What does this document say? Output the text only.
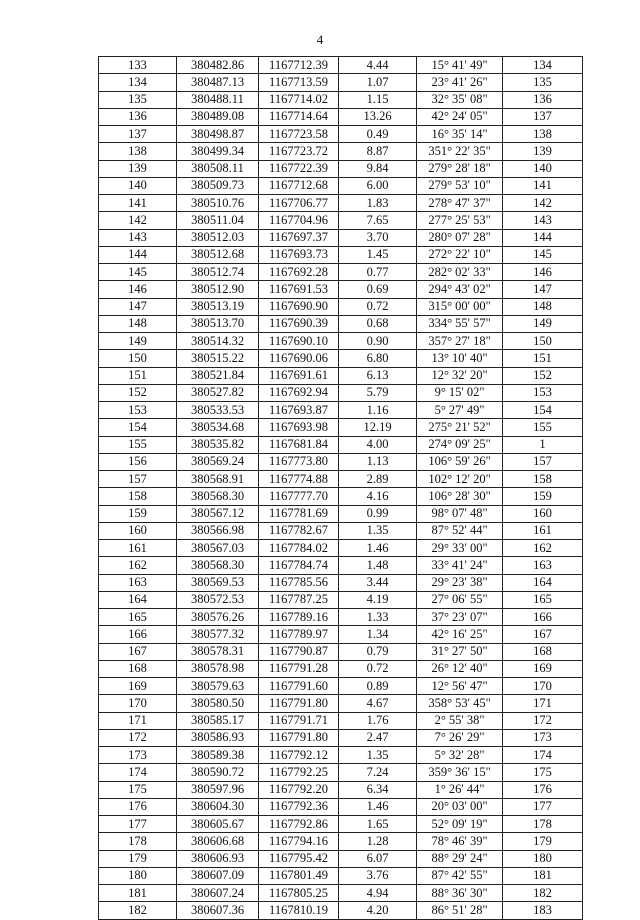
4
133	380482.86	1167712.39	4.44	15° 41' 49"	134
134	380487.13	1167713.59	1.07	23° 41' 26"	135
135	380488.11	1167714.02	1.15	32° 35' 08"	136
136	380489.08	1167714.64	13.26	42° 24' 05"	137
137	380498.87	1167723.58	0.49	16° 35' 14"	138
138	380499.34	1167723.72	8.87	351° 22' 35"	139
139	380508.11	1167722.39	9.84	279° 28' 18"	140
140	380509.73	1167712.68	6.00	279° 53' 10"	141
141	380510.76	1167706.77	1.83	278° 47' 37"	142
142	380511.04	1167704.96	7.65	277° 25' 53"	143
143	380512.03	1167697.37	3.70	280° 07' 28"	144
144	380512.68	1167693.73	1.45	272° 22' 10"	145
145	380512.74	1167692.28	0.77	282° 02' 33"	146
146	380512.90	1167691.53	0.69	294° 43' 02"	147
147	380513.19	1167690.90	0.72	315° 00' 00"	148
148	380513.70	1167690.39	0.68	334° 55' 57"	149
149	380514.32	1167690.10	0.90	357° 27' 18"	150
150	380515.22	1167690.06	6.80	13° 10' 40"	151
151	380521.84	1167691.61	6.13	12° 32' 20"	152
152	380527.82	1167692.94	5.79	9° 15' 02"	153
153	380533.53	1167693.87	1.16	5° 27' 49"	154
154	380534.68	1167693.98	12.19	275° 21' 52"	155
155	380535.82	1167681.84	4.00	274° 09' 25"	1
156	380569.24	1167773.80	1.13	106° 59' 26"	157
157	380568.91	1167774.88	2.89	102° 12' 20"	158
158	380568.30	1167777.70	4.16	106° 28' 30"	159
159	380567.12	1167781.69	0.99	98° 07' 48"	160
160	380566.98	1167782.67	1.35	87° 52' 44"	161
161	380567.03	1167784.02	1.46	29° 33' 00"	162
162	380568.30	1167784.74	1.48	33° 41' 24"	163
163	380569.53	1167785.56	3.44	29° 23' 38"	164
164	380572.53	1167787.25	4.19	27° 06' 55"	165
165	380576.26	1167789.16	1.33	37° 23' 07"	166
166	380577.32	1167789.97	1.34	42° 16' 25"	167
167	380578.31	1167790.87	0.79	31° 27' 50"	168
168	380578.98	1167791.28	0.72	26° 12' 40"	169
169	380579.63	1167791.60	0.89	12° 56' 47"	170
170	380580.50	1167791.80	4.67	358° 53' 45"	171
171	380585.17	1167791.71	1.76	2° 55' 38"	172
172	380586.93	1167791.80	2.47	7° 26' 29"	173
173	380589.38	1167792.12	1.35	5° 32' 28"	174
174	380590.72	1167792.25	7.24	359° 36' 15"	175
175	380597.96	1167792.20	6.34	1° 26' 44"	176
176	380604.30	1167792.36	1.46	20° 03' 00"	177
177	380605.67	1167792.86	1.65	52° 09' 19"	178
178	380606.68	1167794.16	1.28	78° 46' 39"	179
179	380606.93	1167795.42	6.07	88° 29' 24"	180
180	380607.09	1167801.49	3.76	87° 42' 55"	181
181	380607.24	1167805.25	4.94	88° 36' 30"	182
182	380607.36	1167810.19	4.20	86° 51' 28"	183
